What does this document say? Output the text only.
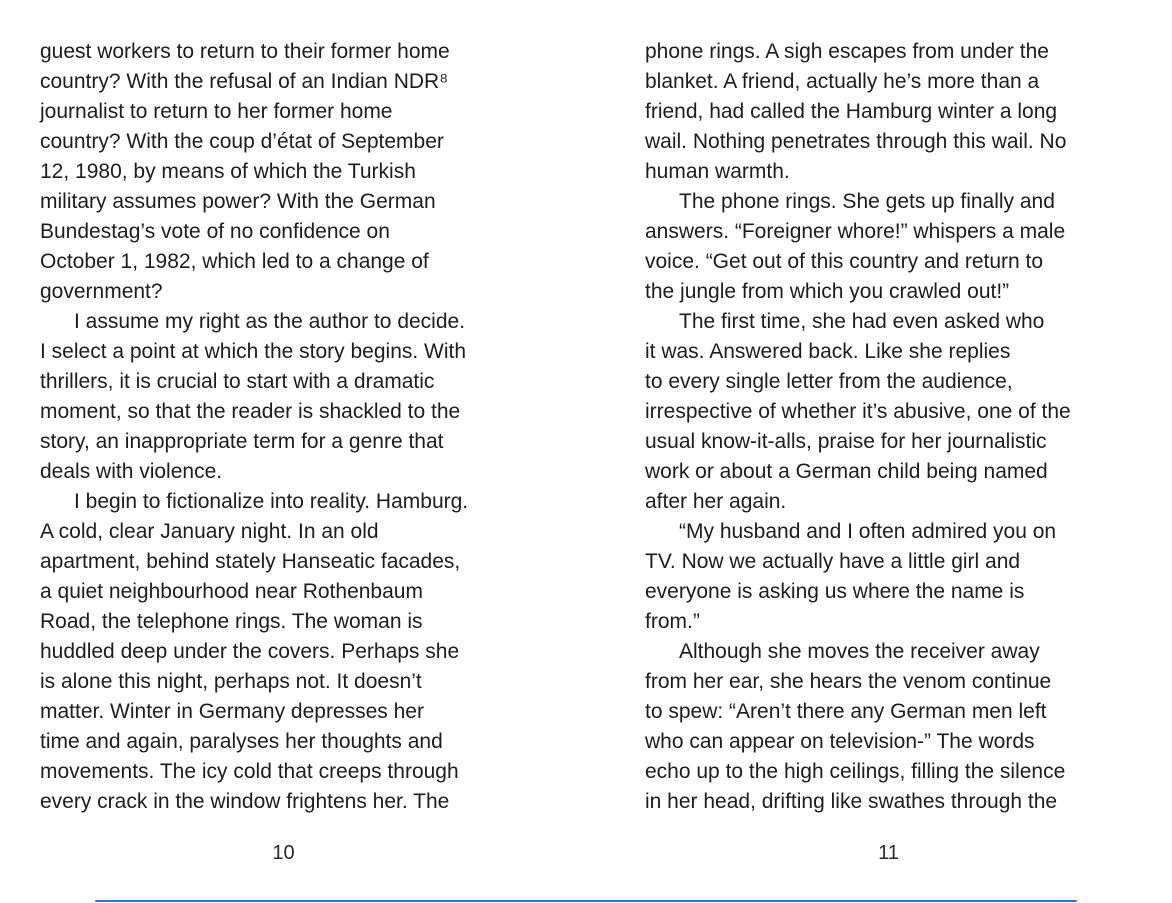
guest workers to return to their former home
country? With the refusal of an Indian NDR⁸
journalist to return to her former home
country? With the coup d’état of September
12, 1980, by means of which the Turkish
military assumes power? With the German
Bundestag’s vote of no confidence on
October 1, 1982, which led to a change of
government?
I assume my right as the author to decide.
I select a point at which the story begins. With
thrillers, it is crucial to start with a dramatic
moment, so that the reader is shackled to the
story, an inappropriate term for a genre that
deals with violence.
I begin to fictionalize into reality. Hamburg.
A cold, clear January night. In an old
apartment, behind stately Hanseatic facades,
a quiet neighbourhood near Rothenbaum
Road, the telephone rings. The woman is
huddled deep under the covers. Perhaps she
is alone this night, perhaps not. It doesn’t
matter. Winter in Germany depresses her
time and again, paralyses her thoughts and
movements. The icy cold that creeps through
every crack in the window frightens her. The
10
phone rings. A sigh escapes from under the
blanket. A friend, actually he’s more than a
friend, had called the Hamburg winter a long
wail. Nothing penetrates through this wail. No
human warmth.
The phone rings. She gets up finally and
answers. “Foreigner whore!” whispers a male
voice. “Get out of this country and return to
the jungle from which you crawled out!”
The first time, she had even asked who
it was. Answered back. Like she replies
to every single letter from the audience,
irrespective of whether it’s abusive, one of the
usual know-it-alls, praise for her journalistic
work or about a German child being named
after her again.
“My husband and I often admired you on
TV. Now we actually have a little girl and
everyone is asking us where the name is
from.”
Although she moves the receiver away
from her ear, she hears the venom continue
to spew: “Aren’t there any German men left
who can appear on television-” The words
echo up to the high ceilings, filling the silence
in her head, drifting like swathes through the
11
